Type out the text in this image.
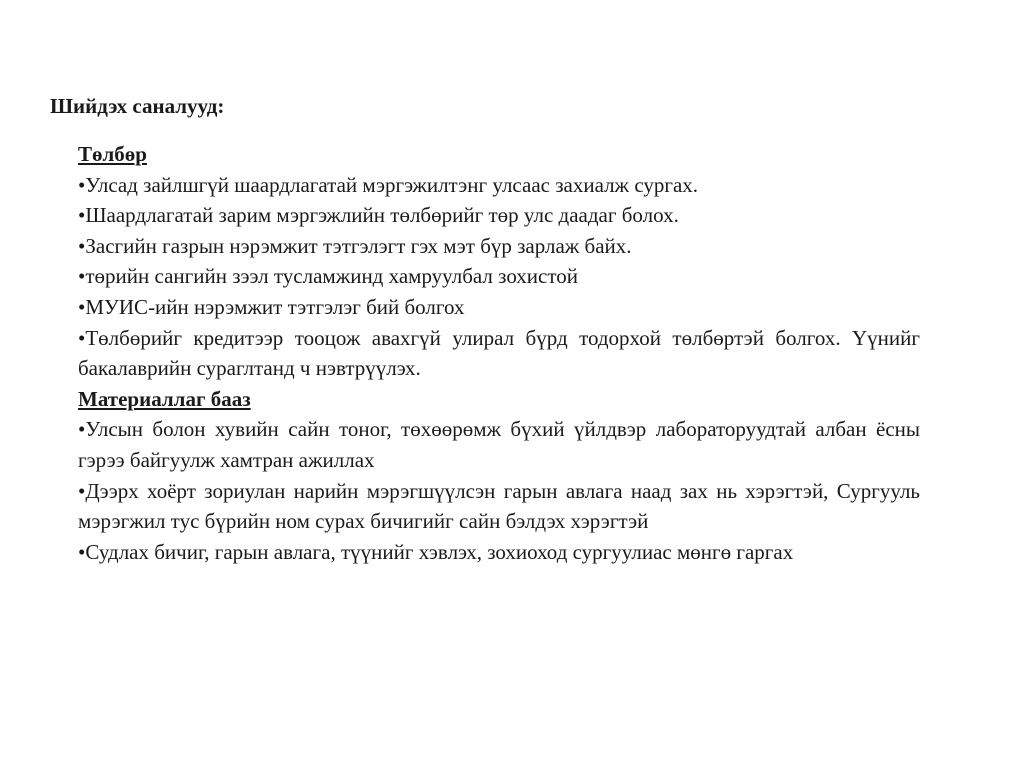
Шийдэх саналууд:
Төлбөр

•Улсад зайлшгүй шаардлагатай мэргэжилтэнг улсаас захиалж сургах.

•Шаардлагатай зарим мэргэжлийн төлбөрийг төр улс даадаг болох.

•Засгийн газрын нэрэмжит тэтгэлэгт гэх мэт бүр зарлаж байх.

•төрийн сангийн зээл тусламжинд хамруулбал зохистой

•МУИС-ийн нэрэмжит тэтгэлэг бий болгох

•Төлбөрийг кредитээр тооцож авахгүй улирал бүрд тодорхой төлбөртэй болгох. Үүнийг бакалаврийн сураглтанд ч нэвтрүүлэх.

Материаллаг бааз

•Улсын болон хувийн сайн тоног, төхөөрөмж бүхий үйлдвэр лабораторуудтай албан ёсны гэрээ байгуулж хамтран ажиллах

•Дээрх хоёрт зориулан нарийн мэрэгшүүлсэн гарын авлага наад зах нь хэрэгтэй, Сургууль мэрэгжил тус бүрийн ном сурах бичигийг сайн бэлдэх хэрэгтэй

•Судлах бичиг, гарын авлага, түүнийг хэвлэх, зохиоход сургуулиас мөнгө гаргах
